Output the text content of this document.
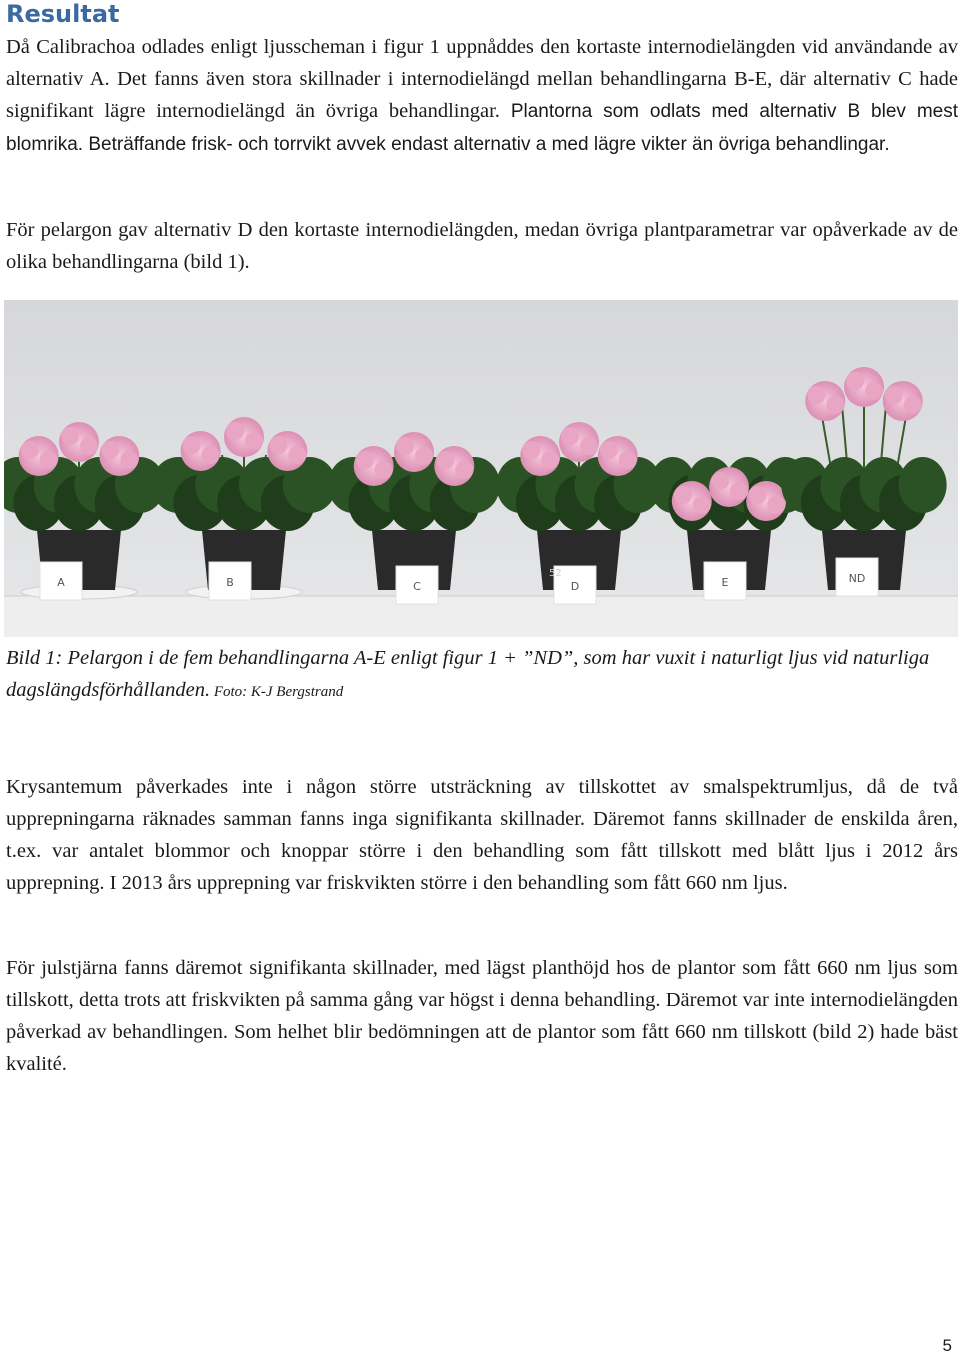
Resultat

Då Calibrachoa odlades enligt ljusscheman i figur 1 uppnåddes den kortaste internodielängden vid användande av alternativ A. Det fanns även stora skillnader i internodielängd mellan behandlingarna B-E, där alternativ C hade signifikant lägre internodielängd än övriga behandlingar. Plantorna som odlats med alternativ B blev mest blomrika. Beträffande frisk- och torrvikt avvek endast alternativ a med lägre vikter än övriga behandlingar.

För pelargon gav alternativ D den kortaste internodielängden, medan övriga plantparametrar var opåverkade av de olika behandlingarna (bild 1).

A	B	C	D	E	ND
52

Bild 1: Pelargon i de fem behandlingarna A-E enligt figur 1 + ”ND”, som har vuxit i naturligt ljus vid naturliga dagslängdsförhållanden. Foto: K-J Bergstrand

Krysantemum påverkades inte i någon större utsträckning av tillskottet av smalspektrumljus, då de två upprepningarna räknades samman fanns inga signifikanta skillnader. Däremot fanns skillnader de enskilda åren, t.ex. var antalet blommor och knoppar större i den behandling som fått tillskott med blått ljus i 2012 års upprepning. I 2013 års upprepning var friskvikten större i den behandling som fått 660 nm ljus.

För julstjärna fanns däremot signifikanta skillnader, med lägst planthöjd hos de plantor som fått 660 nm ljus som tillskott, detta trots att friskvikten på samma gång var högst i denna behandling. Däremot var inte internodielängden påverkad av behandlingen. Som helhet blir bedömningen att de plantor som fått 660 nm tillskott (bild 2) hade bäst kvalité.

5
